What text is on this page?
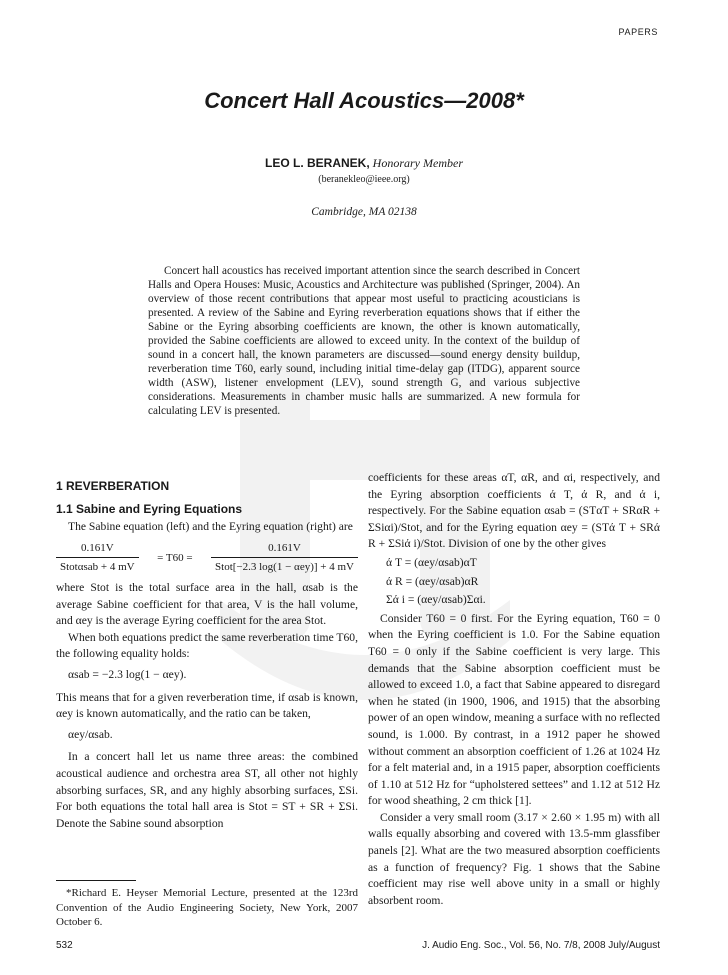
PAPERS
Concert Hall Acoustics—2008*
LEO L. BERANEK, Honorary Member
(beranekleo@ieee.org)
Cambridge, MA 02138

Concert hall acoustics has received important attention since the search described in Concert Halls and Opera Houses: Music, Acoustics and Architecture was published (Springer, 2004). An overview of those recent contributions that appear most useful to practicing acousticians is presented. A review of the Sabine and Eyring reverberation equations shows that if either the Sabine or the Eyring absorbing coefficients are known, the other is known automatically, provided the Sabine coefficients are allowed to exceed unity. In the context of the buildup of sound in a concert hall, the known parameters are discussed—sound energy density buildup, reverberation time T60, early sound, including initial time-delay gap (ITDG), apparent source width (ASW), listener envelopment (LEV), sound strength G, and various subjective considerations. Measurements in chamber music halls are summarized. A new formula for calculating LEV is presented.

1 REVERBERATION
1.1 Sabine and Eyring Equations

The Sabine equation (left) and the Eyring equation (right) are

$\frac{0.161V}{\text{Stotαsab + 4 mV}} = T60 = \frac{0.161V}{\text{Stot[−2.3 log(1 − αey)] + 4 mV}}$

where Stot is the total surface area in the hall, αsab is the average Sabine coefficient for that area, V is the hall volume, and αey is the average Eyring coefficient for the area Stot.

When both equations predict the same reverberation time T60, the following equality holds:

αsab = −2.3 log(1 − αey).

This means that for a given reverberation time, if αsab is known, αey is known automatically, and the ratio can be taken,

αey/αsab.

In a concert hall let us name three areas: the combined acoustical audience and orchestra area ST, all other not highly absorbing surfaces, SR, and any highly absorbing surfaces, ΣSi. For both equations the total hall area is Stot = ST + SR + ΣSi. Denote the Sabine sound absorption

coefficients for these areas αT, αR, and αi, respectively, and the Eyring absorption coefficients ά T, ά R, and ά i, respectively. For the Sabine equation αsab = (STαT + SRαR + ΣSiαi)/Stot, and for the Eyring equation αey = (STά T + SRά R + ΣSiά i)/Stot. Division of one by the other gives

ά T = (αey/αsab)αT
ά R = (αey/αsab)αR
Σά i = (αey/αsab)Σαi.

Consider T60 = 0 first. For the Eyring equation, T60 = 0 when the Eyring coefficient is 1.0. For the Sabine equation T60 = 0 only if the Sabine coefficient is very large. This demands that the Sabine absorption coefficient must be allowed to exceed 1.0, a fact that Sabine appeared to disregard when he stated (in 1900, 1906, and 1915) that the absorbing power of an open window, meaning a surface with no reflected sound, is 1.000. By contrast, in a 1912 paper he showed without comment an absorption coefficient of 1.26 at 1024 Hz for a felt material and, in a 1915 paper, absorption coefficients of 1.10 at 512 Hz for “upholstered settees” and 1.12 at 512 Hz for wood sheathing, 2 cm thick [1].

Consider a very small room (3.17 × 2.60 × 1.95 m) with all walls equally absorbing and covered with 13.5-mm glassfiber panels [2]. What are the two measured absorption coefficients as a function of frequency? Fig. 1 shows that the Sabine coefficient may rise well above unity in a small or highly absorbent room.

*Richard E. Heyser Memorial Lecture, presented at the 123rd Convention of the Audio Engineering Society, New York, 2007 October 6.

532	J. Audio Eng. Soc., Vol. 56, No. 7/8, 2008 July/August
